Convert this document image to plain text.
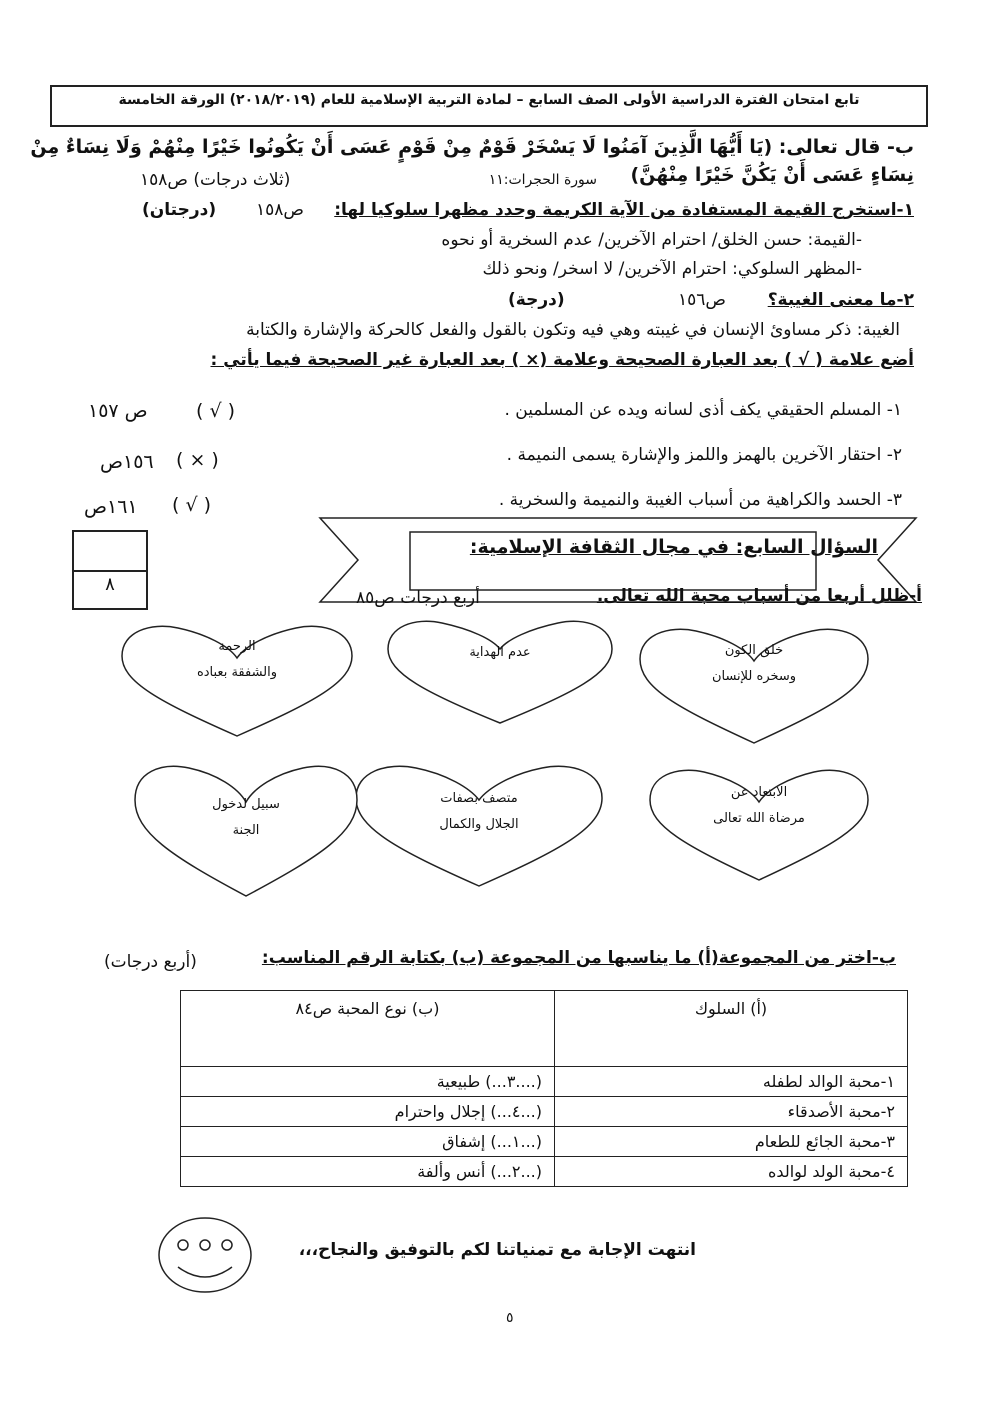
تابع امتحان الفترة الدراسية الأولى الصف السابع – لمادة التربية الإسلامية للعام (٢٠١٨/٢٠١٩) الورقة الخامسة
ب- قال تعالى: (يَا أَيُّهَا الَّذِينَ آمَنُوا لَا يَسْخَرْ قَوْمٌ مِنْ قَوْمٍ عَسَى أَنْ يَكُونُوا خَيْرًا مِنْهُمْ وَلَا نِسَاءٌ مِنْ
نِسَاءٍ عَسَى أَنْ يَكُنَّ خَيْرًا مِنْهُنَّ)
سورة الحجرات:١١
(ثلاث درجات) ص١٥٨
١-استخرج القيمة المستفادة من الآية الكريمة وحدد مظهرا سلوكيا لها:
ص١٥٨
(درجتان)
-القيمة: حسن الخلق/ احترام الآخرين/ عدم السخرية أو نحوه
-المظهر السلوكي: احترام الآخرين/ لا اسخر/ ونحو ذلك
٢-ما معنى الغيبة؟
ص١٥٦
(درجة)
الغيبة: ذكر مساوئ الإنسان في غيبته وهي فيه وتكون بالقول والفعل كالحركة والإشارة والكتابة
أضع علامة ( √ ) بعد العبارة الصحيحة وعلامة (× ) بعد العبارة غير الصحيحة فيما يأتي :
١- المسلم الحقيقي يكف أذى لسانه ويده عن المسلمين .
( √ )
ص ١٥٧
٢- احتقار الآخرين بالهمز واللمز والإشارة يسمى النميمة .
( × )
١٥٦ص
٣- الحسد والكراهية من أسباب الغيبة والنميمة والسخرية .
( √ )
١٦١ص
٨
السؤال السابع: في مجال الثقافة الإسلامية:
أ-ظلل أربعا من أسباب محبة الله تعالى.
أربع درجات ص٨٥
خلق الكون
وسخره للإنسان
عدم الهداية
الرحمة
والشفقة بعباده
الابتعاد عن
مرضاة الله تعالى
متصف بصفات
الجلال والكمال
سبيل لدخول
الجنة
ب-اختر من المجموعة(أ) ما يناسبها من المجموعة (ب) بكتابة الرقم المناسب:
(أربع درجات)
(أ) السلوك	(ب) نوع المحبة ص٨٤
١-محبة الوالد لطفله	(....٣...) طبيعية
٢-محبة الأصدقاء	(...٤...) إجلال واحترام
٣-محبة الجائع للطعام	(...١...) إشفاق
٤-محبة الولد لوالده	(...٢...) أنس وألفة
انتهت الإجابة مع تمنياتنا لكم بالتوفيق والنجاح،،،
٥
